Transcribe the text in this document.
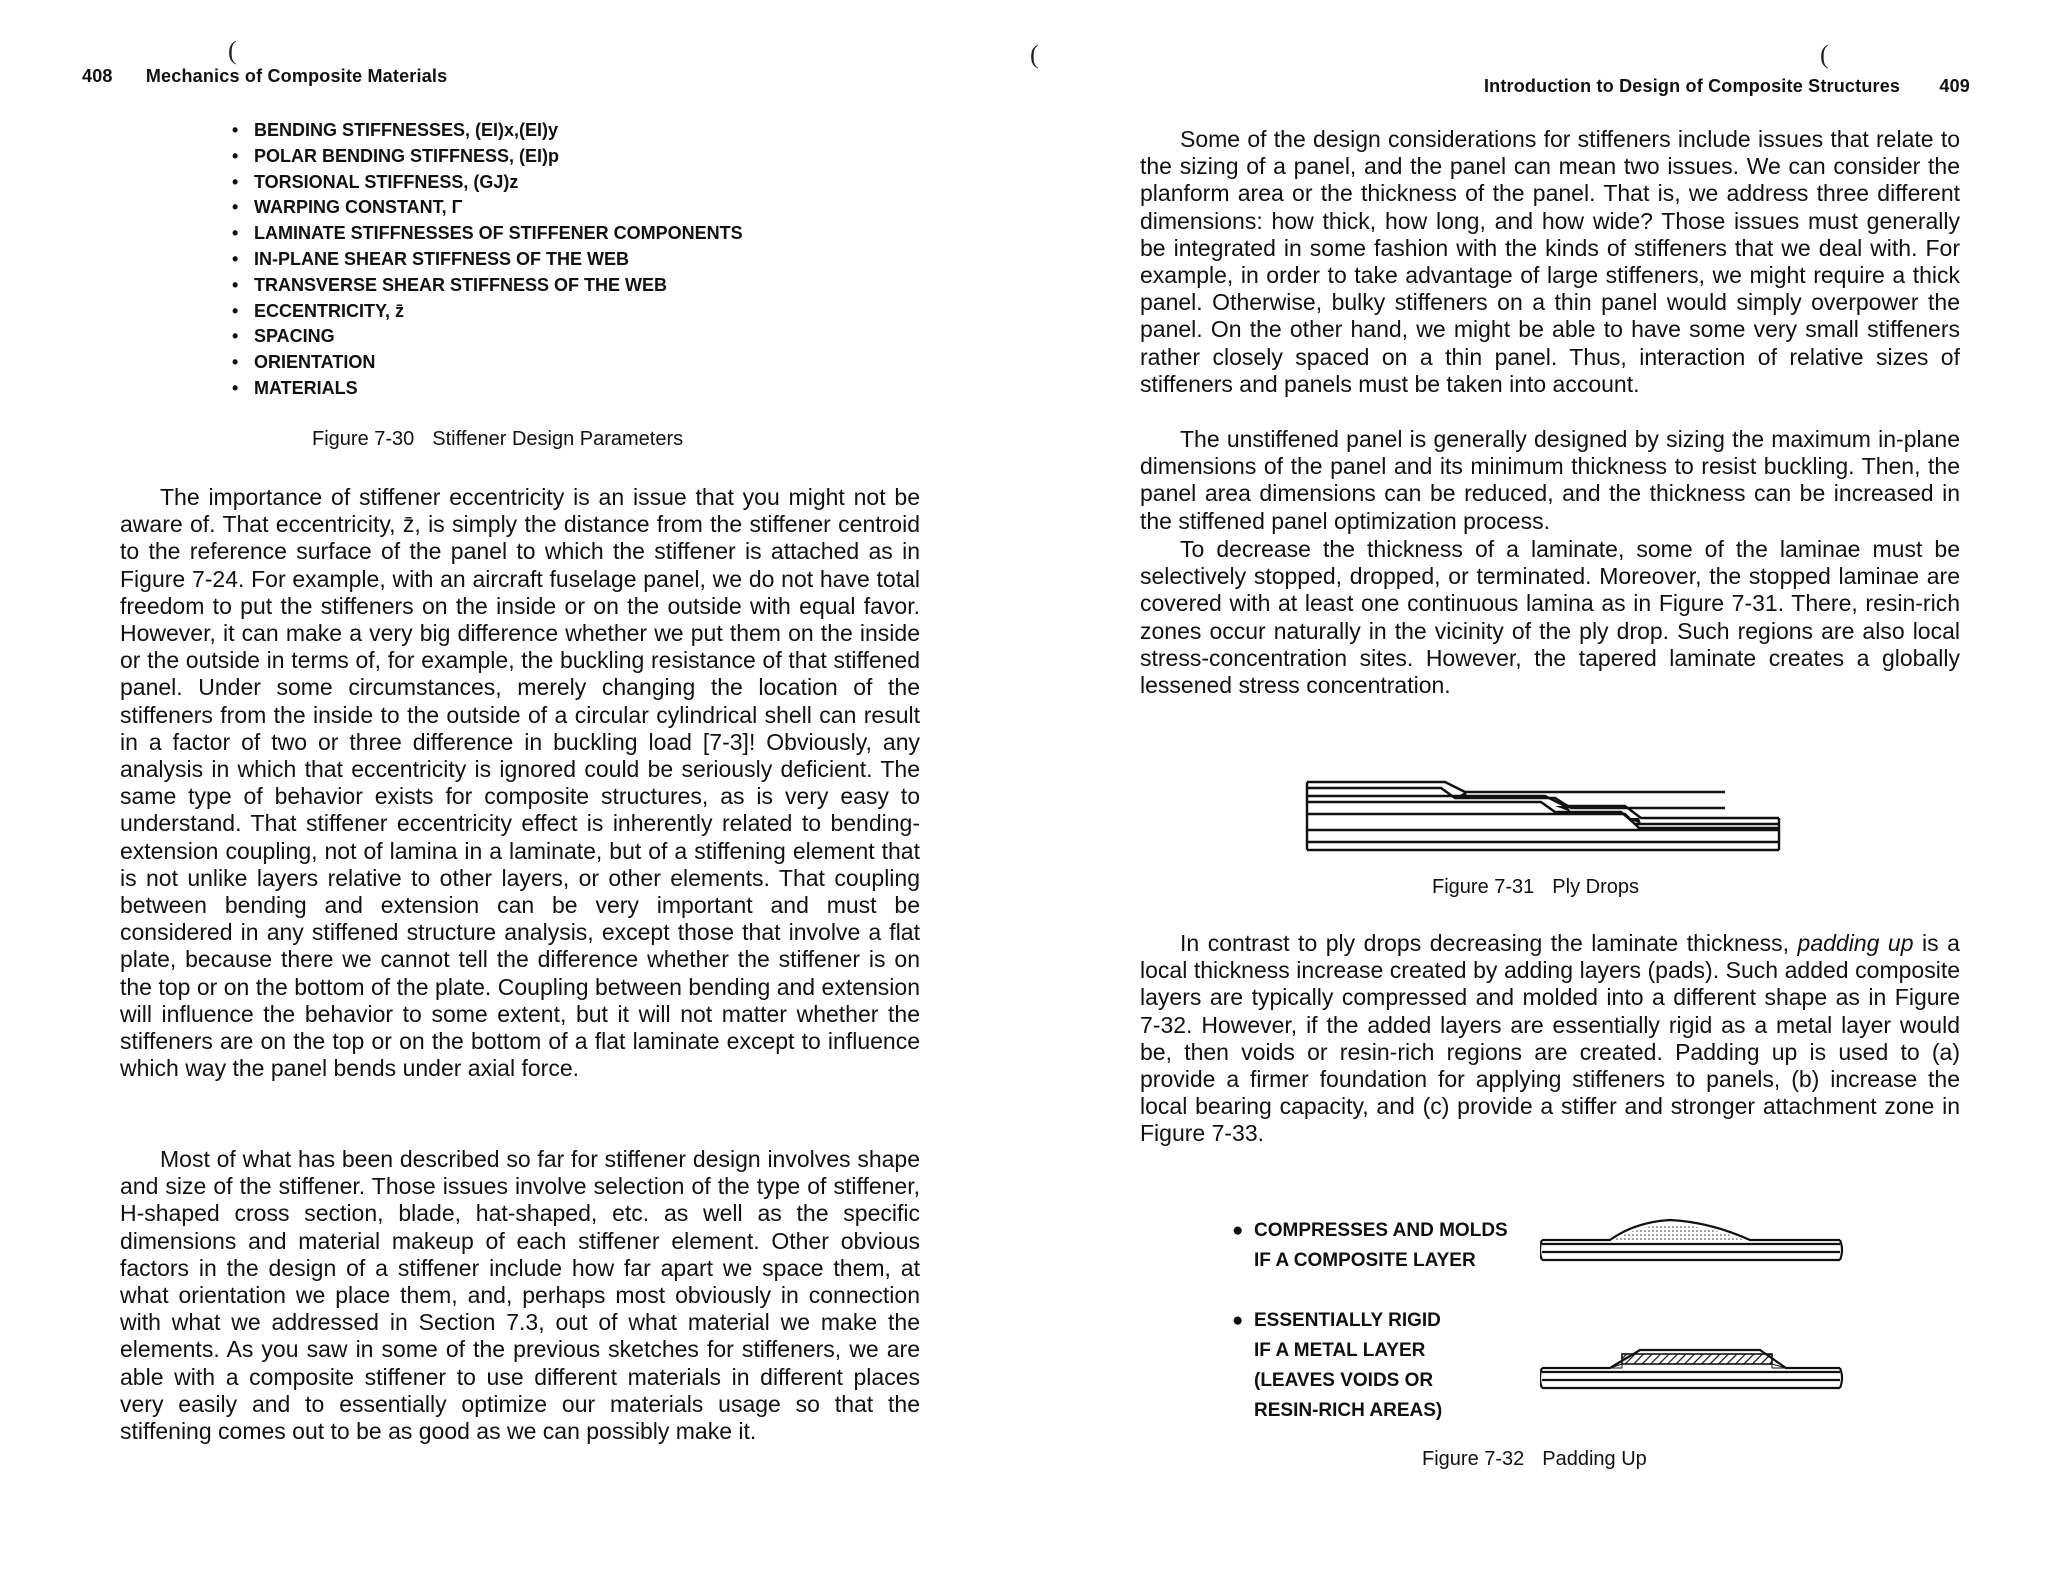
(	(
408 Mechanics of Composite Materials
• BENDING STIFFNESSES, (EI)x,(EI)y
• POLAR BENDING STIFFNESS, (EI)p
• TORSIONAL STIFFNESS, (GJ)z
• WARPING CONSTANT, Γ
• LAMINATE STIFFNESSES OF STIFFENER COMPONENTS
• IN-PLANE SHEAR STIFFNESS OF THE WEB
• TRANSVERSE SHEAR STIFFNESS OF THE WEB
• ECCENTRICITY, z̄
• SPACING
• ORIENTATION
• MATERIALS
Figure 7-30 Stiffener Design Parameters

The importance of stiffener eccentricity is an issue that you might not be aware of. That eccentricity, z̄, is simply the distance from the stiffener centroid to the reference surface of the panel to which the stiffener is attached as in Figure 7-24. For example, with an aircraft fuselage panel, we do not have total freedom to put the stiffeners on the inside or on the outside with equal favor. However, it can make a very big difference whether we put them on the inside or the outside in terms of, for example, the buckling resistance of that stiffened panel. Under some circumstances, merely changing the location of the stiffeners from the inside to the outside of a circular cylindrical shell can result in a factor of two or three difference in buckling load [7-3]! Obviously, any analysis in which that eccentricity is ignored could be seriously deficient. The same type of behavior exists for composite structures, as is very easy to understand. That stiffener eccentricity effect is inherently related to bending-extension coupling, not of lamina in a laminate, but of a stiffening element that is not unlike layers relative to other layers, or other elements. That coupling between bending and extension can be very important and must be considered in any stiffened structure analysis, except those that involve a flat plate, because there we cannot tell the difference whether the stiffener is on the top or on the bottom of the plate. Coupling between bending and extension will influence the behavior to some extent, but it will not matter whether the stiffeners are on the top or on the bottom of a flat laminate except to influence which way the panel bends under axial force.

Most of what has been described so far for stiffener design involves shape and size of the stiffener. Those issues involve selection of the type of stiffener, H-shaped cross section, blade, hat-shaped, etc. as well as the specific dimensions and material makeup of each stiffener element. Other obvious factors in the design of a stiffener include how far apart we space them, at what orientation we place them, and, perhaps most obviously in connection with what we addressed in Section 7.3, out of what material we make the elements. As you saw in some of the previous sketches for stiffeners, we are able with a composite stiffener to use different materials in different places very easily and to essentially optimize our materials usage so that the stiffening comes out to be as good as we can possibly make it.

(
Introduction to Design of Composite Structures 409

Some of the design considerations for stiffeners include issues that relate to the sizing of a panel, and the panel can mean two issues. We can consider the planform area or the thickness of the panel. That is, we address three different dimensions: how thick, how long, and how wide? Those issues must generally be integrated in some fashion with the kinds of stiffeners that we deal with. For example, in order to take advantage of large stiffeners, we might require a thick panel. Otherwise, bulky stiffeners on a thin panel would simply overpower the panel. On the other hand, we might be able to have some very small stiffeners rather closely spaced on a thin panel. Thus, interaction of relative sizes of stiffeners and panels must be taken into account.

The unstiffened panel is generally designed by sizing the maximum in-plane dimensions of the panel and its minimum thickness to resist buckling. Then, the panel area dimensions can be reduced, and the thickness can be increased in the stiffened panel optimization process.

To decrease the thickness of a laminate, some of the laminae must be selectively stopped, dropped, or terminated. Moreover, the stopped laminae are covered with at least one continuous lamina as in Figure 7-31. There, resin-rich zones occur naturally in the vicinity of the ply drop. Such regions are also local stress-concentration sites. However, the tapered laminate creates a globally lessened stress concentration.

Figure 7-31 Ply Drops

In contrast to ply drops decreasing the laminate thickness, padding up is a local thickness increase created by adding layers (pads). Such added composite layers are typically compressed and molded into a different shape as in Figure 7-32. However, if the added layers are essentially rigid as a metal layer would be, then voids or resin-rich regions are created. Padding up is used to (a) provide a firmer foundation for applying stiffeners to panels, (b) increase the local bearing capacity, and (c) provide a stiffer and stronger attachment zone in Figure 7-33.

● COMPRESSES AND MOLDS
IF A COMPOSITE LAYER
● ESSENTIALLY RIGID
IF A METAL LAYER
(LEAVES VOIDS OR
RESIN-RICH AREAS)
Figure 7-32 Padding Up
